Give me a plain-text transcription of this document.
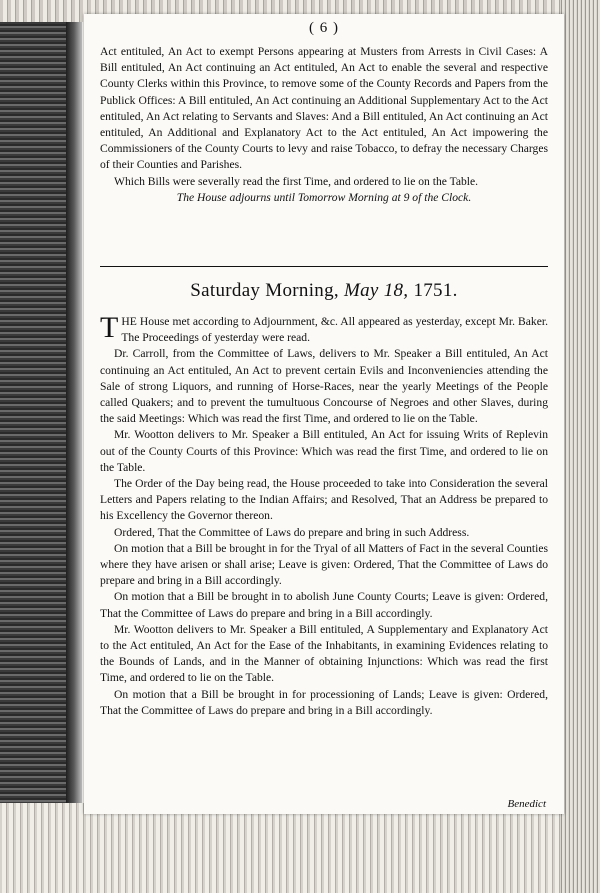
( 6 )

Act entituled, An Act to exempt Persons appearing at Musters from Arrests in Civil Cases: A Bill entituled, An Act continuing an Act entituled, An Act to enable the several and respective County Clerks within this Province, to remove some of the County Records and Papers from the Publick Offices: A Bill entituled, An Act continuing an Additional Supplementary Act to the Act entituled, An Act relating to Servants and Slaves: And a Bill entituled, An Act continuing an Act entituled, An Additional and Explanatory Act to the Act entituled, An Act impowering the Commissioners of the County Courts to levy and raise Tobacco, to defray the necessary Charges of their Counties and Parishes.

Which Bills were severally read the first Time, and ordered to lie on the Table.

The House adjourns until Tomorrow Morning at 9 of the Clock.

Saturday Morning, May 18, 1751.

THE House met according to Adjournment, &c. All appeared as yesterday, except Mr. Baker. The Proceedings of yesterday were read.

Dr. Carroll, from the Committee of Laws, delivers to Mr. Speaker a Bill entituled, An Act continuing an Act entituled, An Act to prevent certain Evils and Inconveniencies attending the Sale of strong Liquors, and running of Horse-Races, near the yearly Meetings of the People called Quakers; and to prevent the tumultuous Concourse of Negroes and other Slaves, during the said Meetings: Which was read the first Time, and ordered to lie on the Table.

Mr. Wootton delivers to Mr. Speaker a Bill entituled, An Act for issuing Writs of Replevin out of the County Courts of this Province: Which was read the first Time, and ordered to lie on the Table.

The Order of the Day being read, the House proceeded to take into Consideration the several Letters and Papers relating to the Indian Affairs; and Resolved, That an Address be prepared to his Excellency the Governor thereon.

Ordered, That the Committee of Laws do prepare and bring in such Address.

On motion that a Bill be brought in for the Tryal of all Matters of Fact in the several Counties where they have arisen or shall arise; Leave is given: Ordered, That the Committee of Laws do prepare and bring in a Bill accordingly.

On motion that a Bill be brought in to abolish June County Courts; Leave is given: Ordered, That the Committee of Laws do prepare and bring in a Bill accordingly.

Mr. Wootton delivers to Mr. Speaker a Bill entituled, A Supplementary and Explanatory Act to the Act entituled, An Act for the Ease of the Inhabitants, in examining Evidences relating to the Bounds of Lands, and in the Manner of obtaining Injunctions: Which was read the first Time, and ordered to lie on the Table.

On motion that a Bill be brought in for processioning of Lands; Leave is given: Ordered, That the Committee of Laws do prepare and bring in a Bill accordingly.

Benedict
